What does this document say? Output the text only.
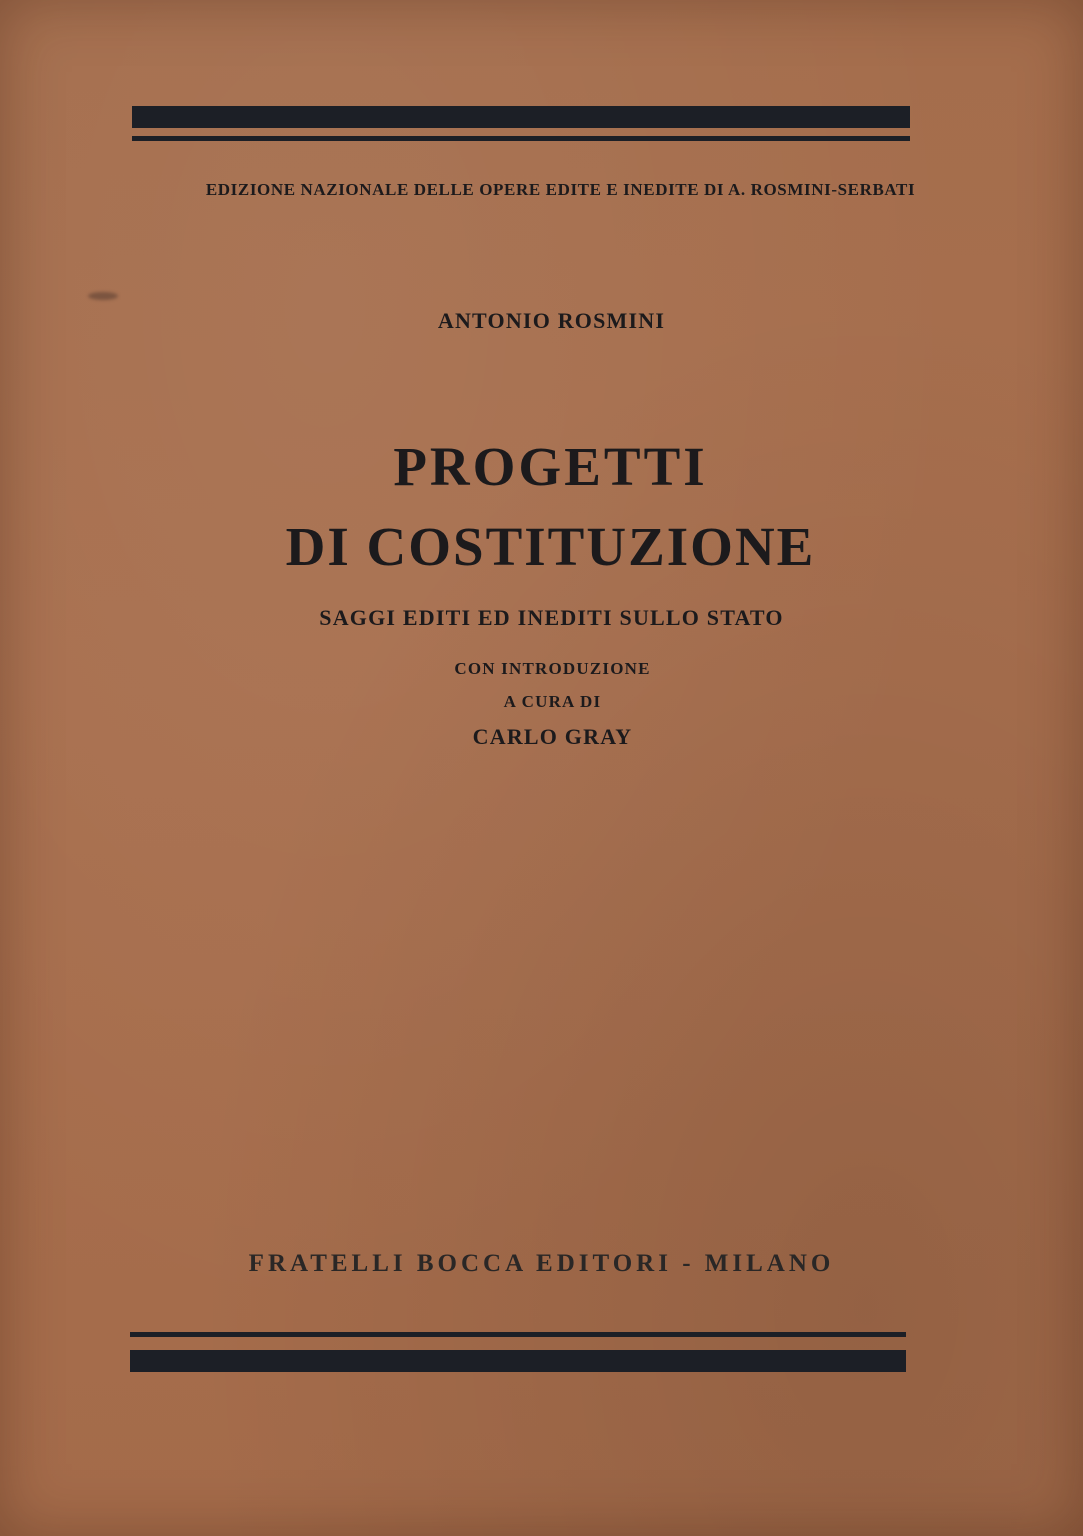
EDIZIONE NAZIONALE DELLE OPERE EDITE E INEDITE DI A. ROSMINI-SERBATI
ANTONIO ROSMINI
PROGETTI
DI COSTITUZIONE
SAGGI EDITI ED INEDITI SULLO STATO
CON INTRODUZIONE
A CURA DI
CARLO GRAY
FRATELLI BOCCA EDITORI - MILANO
